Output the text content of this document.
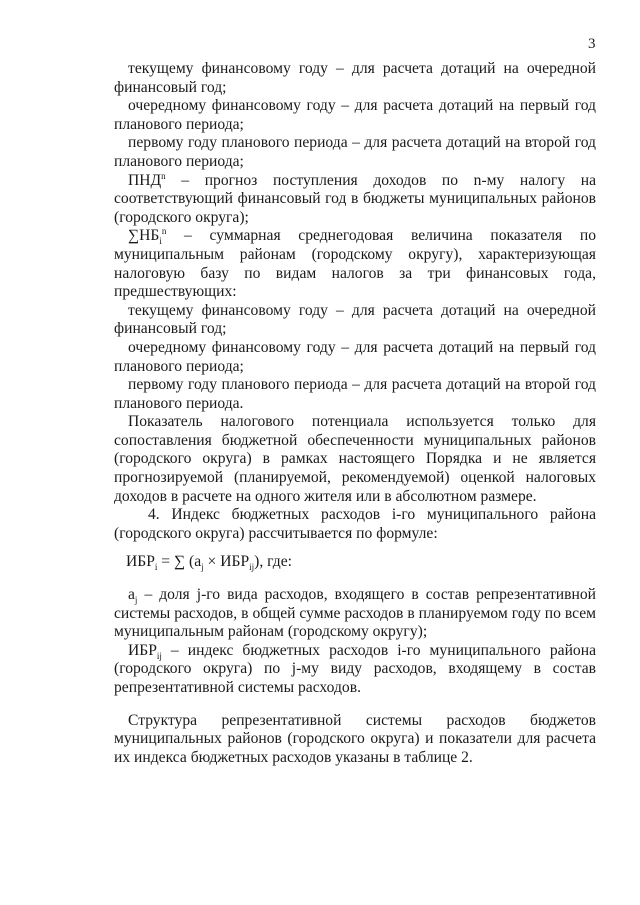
3

текущему финансовому году – для расчета дотаций на очередной финансовый год;

очередному финансовому году – для расчета дотаций на первый год планового периода;

первому году планового периода – для расчета дотаций на второй год планового периода;

ПНД$^n$ – прогноз поступления доходов по n-му налогу на соответствующий финансовый год в бюджеты муниципальных районов (городского округа);

$\sum НБ_i^n$ – суммарная среднегодовая величина показателя по муниципальным районам (городскому округу), характеризующая налоговую базу по видам налогов за три финансовых года, предшествующих:

текущему финансовому году – для расчета дотаций на очередной финансовый год;

очередному финансовому году – для расчета дотаций на первый год планового периода;

первому году планового периода – для расчета дотаций на второй год планового периода.

Показатель налогового потенциала используется только для сопоставления бюджетной обеспеченности муниципальных районов (городского округа) в рамках настоящего Порядка и не является прогнозируемой (планируемой, рекомендуемой) оценкой налоговых доходов в расчете на одного жителя или в абсолютном размере.

4. Индекс бюджетных расходов i-го муниципального района (городского округа) рассчитывается по формуле:

$ИБР_i$ = ∑ $(a_j \times ИБР_{ij})$, где:

$a_j$ – доля j-го вида расходов, входящего в состав репрезентативной системы расходов, в общей сумме расходов в планируемом году по всем муниципальным районам (городскому округу);

$ИБР_{ij}$ – индекс бюджетных расходов i-го муниципального района (городского округа) по j-му виду расходов, входящему в состав репрезентативной системы расходов.

Структура репрезентативной системы расходов бюджетов муниципальных районов (городского округа) и показатели для расчета их индекса бюджетных расходов указаны в таблице 2.
